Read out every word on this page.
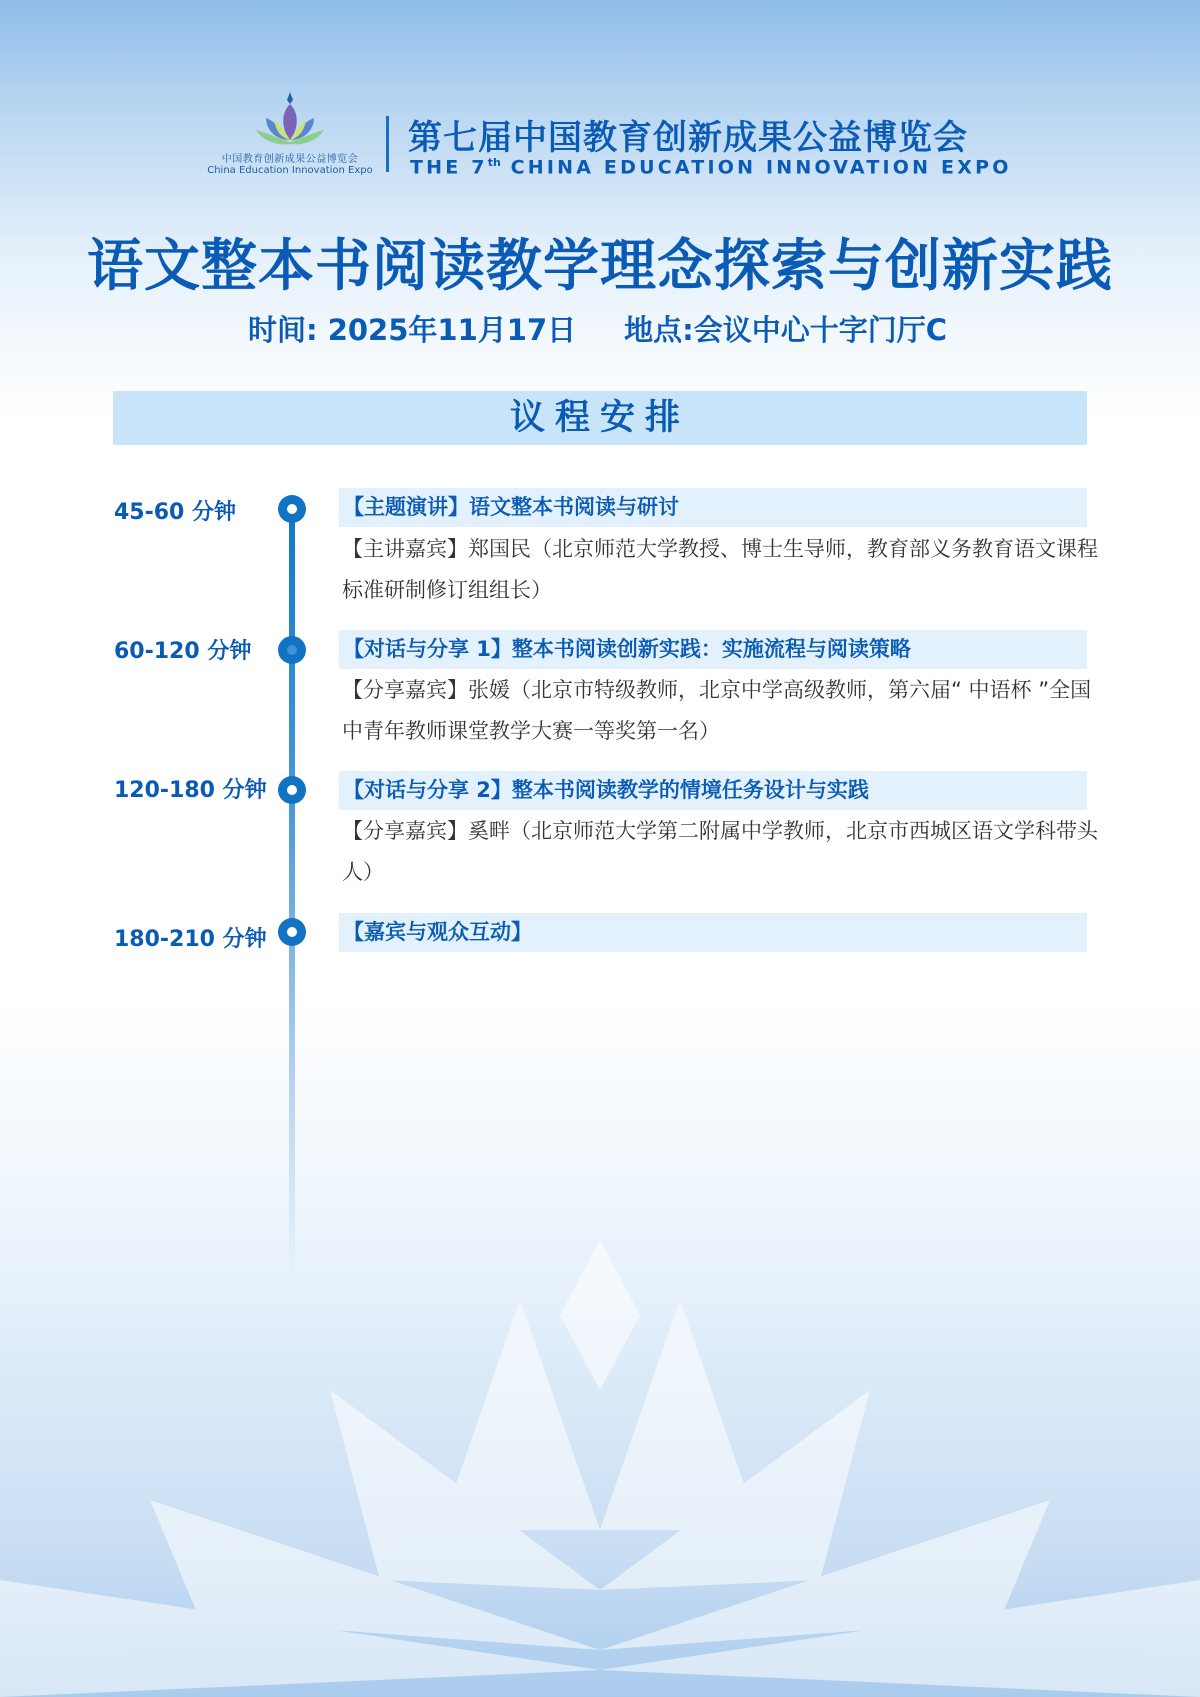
中国教育创新成果公益博览会
China Education Innovation Expo
第七届中国教育创新成果公益博览会
THE 7th CHINA EDUCATION INNOVATION EXPO
语文整本书阅读教学理念探索与创新实践
时间: 2025年11月17日 地点:会议中心十字门厅C
议程安排
45-60 分钟	【主题演讲】语文整本书阅读与研讨
【主讲嘉宾】郑国民（北京师范大学教授、博士生导师，教育部义务教育语文课程标准研制修订组组长）
60-120 分钟	【对话与分享 1】整本书阅读创新实践：实施流程与阅读策略
【分享嘉宾】张媛（北京市特级教师，北京中学高级教师，第六届“ 中语杯 ”全国中青年教师课堂教学大赛一等奖第一名）
120-180 分钟	【对话与分享 2】整本书阅读教学的情境任务设计与实践
【分享嘉宾】奚畔（北京师范大学第二附属中学教师，北京市西城区语文学科带头人）
180-210 分钟	【嘉宾与观众互动】
